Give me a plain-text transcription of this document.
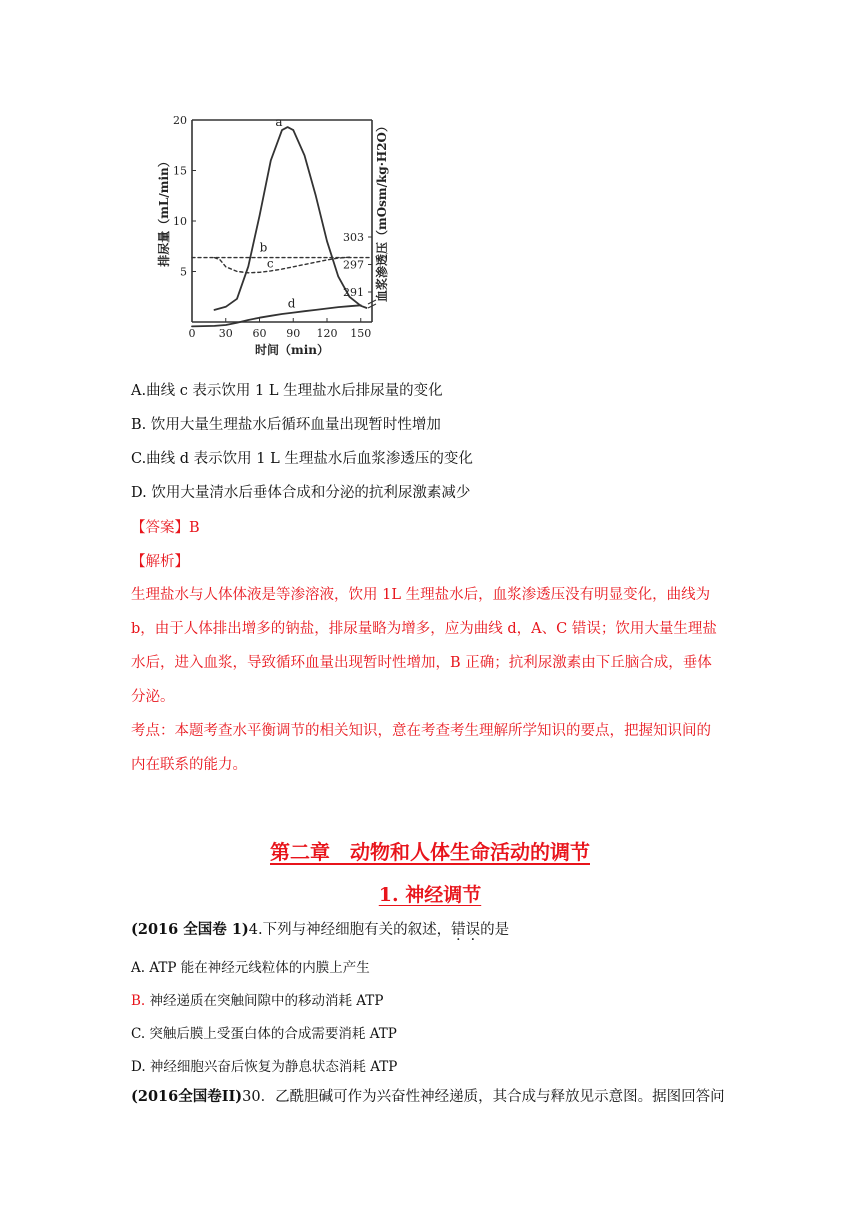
0 30 60 90 120 150
5
10
15
20
291
297
303
时间（min）
排尿量（mL/min）	血浆渗透压（mOsm/kg·H2O）
a
b
c
d
A.曲线 c 表示饮用 1 L 生理盐水后排尿量的变化
B. 饮用大量生理盐水后循环血量出现暂时性增加
C.曲线 d 表示饮用 1 L 生理盐水后血浆渗透压的变化
D. 饮用大量清水后垂体合成和分泌的抗利尿激素减少
【答案】B
【解析】
生理盐水与人体体液是等渗溶液，饮用 1L 生理盐水后，血浆渗透压没有明显变化，曲线为
b，由于人体排出增多的钠盐，排尿量略为增多，应为曲线 d，A、C 错误；饮用大量生理盐
水后，进入血浆，导致循环血量出现暂时性增加，B 正确；抗利尿激素由下丘脑合成，垂体
分泌。
考点：本题考查水平衡调节的相关知识，意在考查考生理解所学知识的要点，把握知识间的
内在联系的能力。
第二章　动物和人体生命活动的调节
1. 神经调节
(2016 全国卷 1)4.下列与神经细胞有关的叙述，错误的是
A. ATP 能在神经元线粒体的内膜上产生
B. 神经递质在突触间隙中的移动消耗 ATP
C. 突触后膜上受蛋白体的合成需要消耗 ATP
D. 神经细胞兴奋后恢复为静息状态消耗 ATP
(2016全国卷II)30．乙酰胆碱可作为兴奋性神经递质，其合成与释放见示意图。据图回答问
